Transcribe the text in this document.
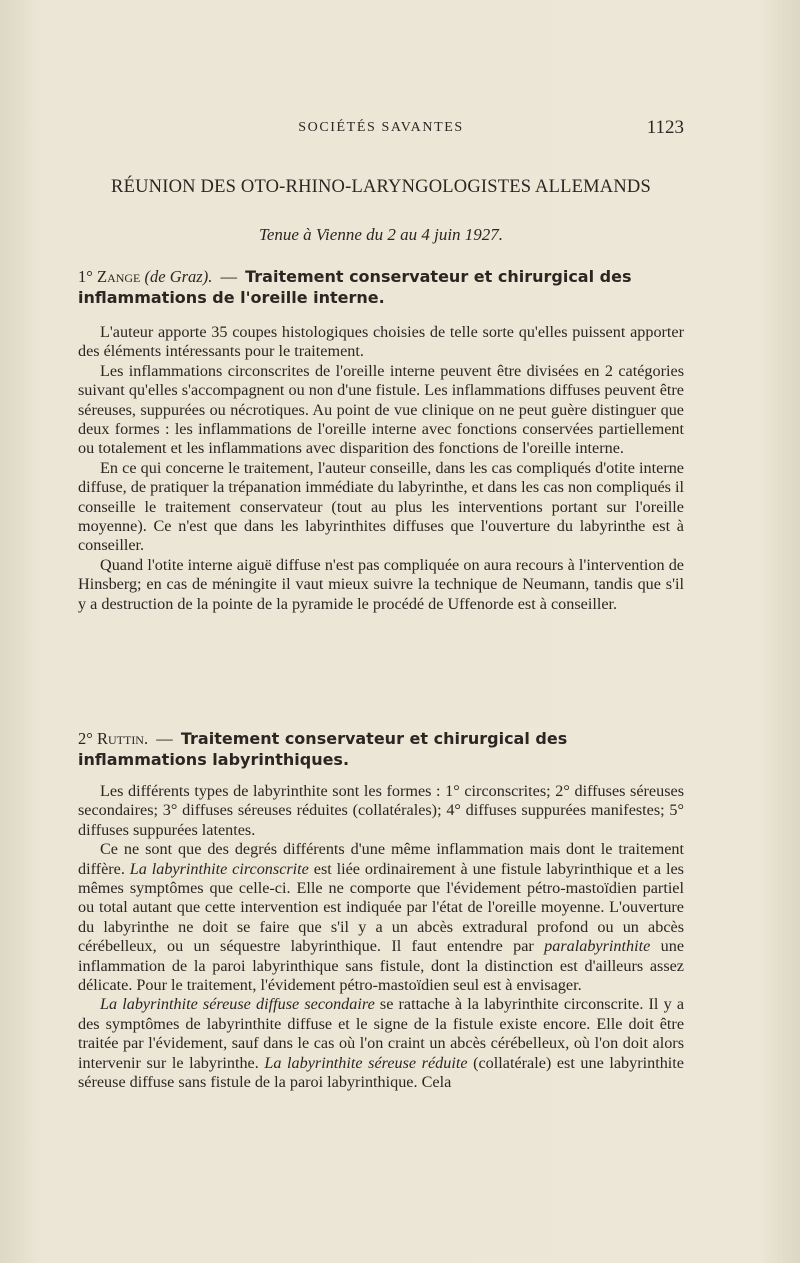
SOCIÉTÉS SAVANTES	1123
RÉUNION DES OTO-RHINO-LARYNGOLOGISTES ALLEMANDS
Tenue à Vienne du 2 au 4 juin 1927.
1° Zange (de Graz). — Traitement conservateur et chirurgical des inflammations de l'oreille interne.

L'auteur apporte 35 coupes histologiques choisies de telle sorte qu'elles puissent apporter des éléments intéressants pour le traitement.

Les inflammations circonscrites de l'oreille interne peuvent être divisées en 2 catégories suivant qu'elles s'accompagnent ou non d'une fistule. Les inflammations diffuses peuvent être séreuses, suppurées ou nécrotiques. Au point de vue clinique on ne peut guère distinguer que deux formes : les inflammations de l'oreille interne avec fonctions conservées partiellement ou totalement et les inflammations avec disparition des fonctions de l'oreille interne.

En ce qui concerne le traitement, l'auteur conseille, dans les cas compliqués d'otite interne diffuse, de pratiquer la trépanation immédiate du labyrinthe, et dans les cas non compliqués il conseille le traitement conservateur (tout au plus les interventions portant sur l'oreille moyenne). Ce n'est que dans les labyrinthites diffuses que l'ouverture du labyrinthe est à conseiller.

Quand l'otite interne aiguë diffuse n'est pas compliquée on aura recours à l'intervention de Hinsberg; en cas de méningite il vaut mieux suivre la technique de Neumann, tandis que s'il y a destruction de la pointe de la pyramide le procédé de Uffenorde est à conseiller.

2° Ruttin. — Traitement conservateur et chirurgical des inflammations labyrinthiques.

Les différents types de labyrinthite sont les formes : 1° circonscrites; 2° diffuses séreuses secondaires; 3° diffuses séreuses réduites (collatérales); 4° diffuses suppurées manifestes; 5° diffuses suppurées latentes.

Ce ne sont que des degrés différents d'une même inflammation mais dont le traitement diffère. La labyrinthite circonscrite est liée ordinairement à une fistule labyrinthique et a les mêmes symptômes que celle-ci. Elle ne comporte que l'évidement pétro-mastoïdien partiel ou total autant que cette intervention est indiquée par l'état de l'oreille moyenne. L'ouverture du labyrinthe ne doit se faire que s'il y a un abcès extradural profond ou un abcès cérébelleux, ou un séquestre labyrinthique. Il faut entendre par paralabyrinthite une inflammation de la paroi labyrinthique sans fistule, dont la distinction est d'ailleurs assez délicate. Pour le traitement, l'évidement pétro-mastoïdien seul est à envisager.

La labyrinthite séreuse diffuse secondaire se rattache à la labyrinthite circonscrite. Il y a des symptômes de labyrinthite diffuse et le signe de la fistule existe encore. Elle doit être traitée par l'évidement, sauf dans le cas où l'on craint un abcès cérébelleux, où l'on doit alors intervenir sur le labyrinthe. La labyrinthite séreuse réduite (collatérale) est une labyrinthite séreuse diffuse sans fistule de la paroi labyrinthique. Cela
